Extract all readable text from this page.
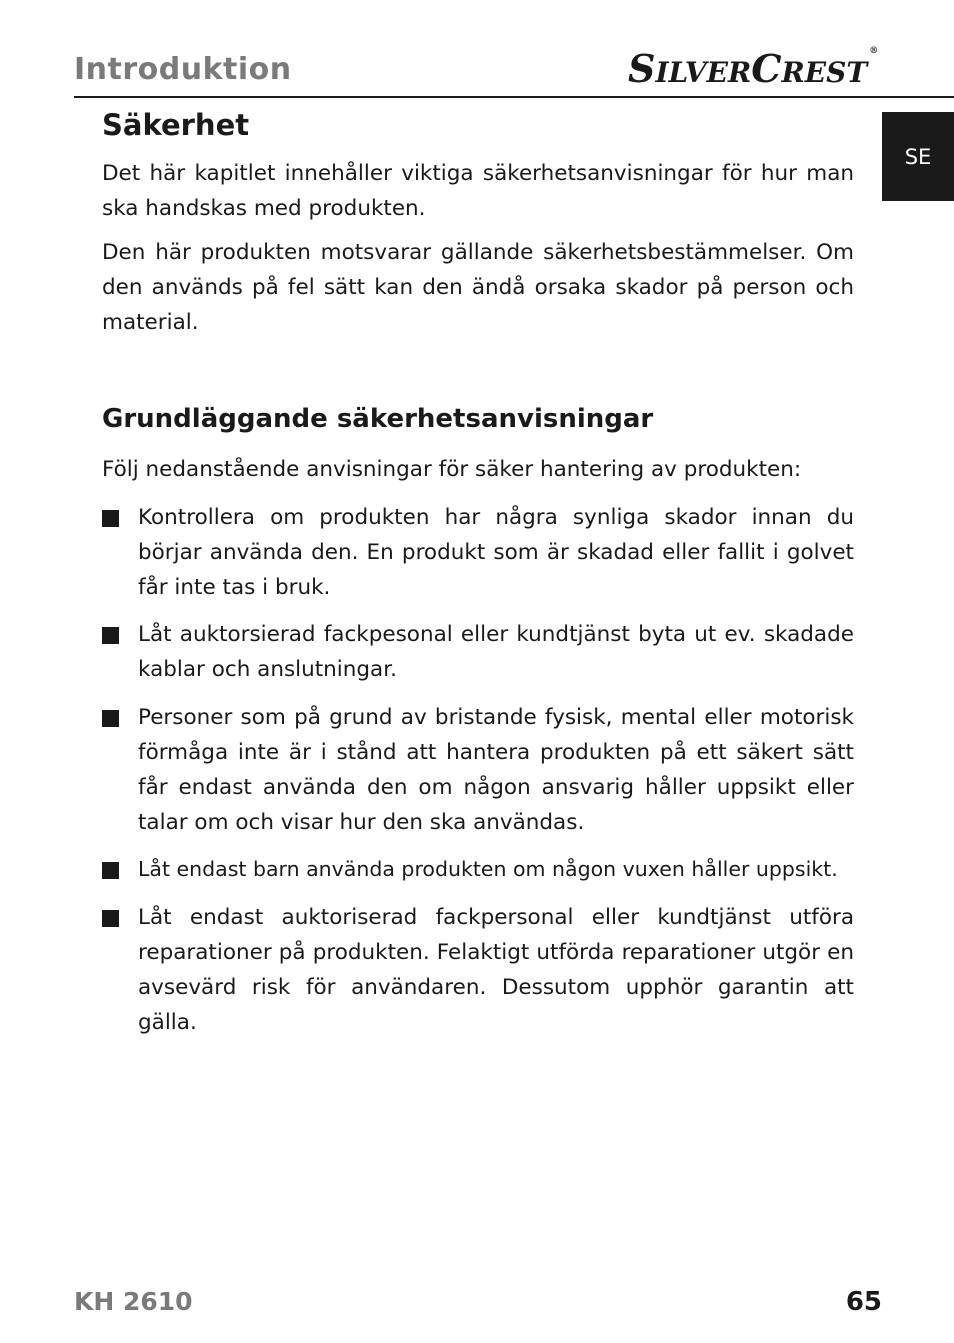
Introduktion	SILVERCREST®
SE
Säkerhet

Det här kapitlet innehåller viktiga säkerhetsanvisningar för hur man ska handskas med produkten.

Den här produkten motsvarar gällande säkerhetsbestämmelser. Om den används på fel sätt kan den ändå orsaka skador på person och material.

Grundläggande säkerhetsanvisningar

Följ nedanstående anvisningar för säker hantering av produkten:

Kontrollera om produkten har några synliga skador innan du börjar använda den. En produkt som är skadad eller fallit i golvet får inte tas i bruk.
Låt auktorsierad fackpesonal eller kundtjänst byta ut ev. skadade kablar och anslutningar.
Personer som på grund av bristande fysisk, mental eller motorisk förmåga inte är i stånd att hantera produkten på ett säkert sätt får endast använda den om någon ansvarig håller uppsikt eller talar om och visar hur den ska användas.
Låt endast barn använda produkten om någon vuxen håller uppsikt.
Låt endast auktoriserad fackpersonal eller kundtjänst utföra reparationer på produkten. Felaktigt utförda reparationer utgör en avsevärd risk för användaren. Dessutom upphör garantin att gälla.
KH 2610	65
